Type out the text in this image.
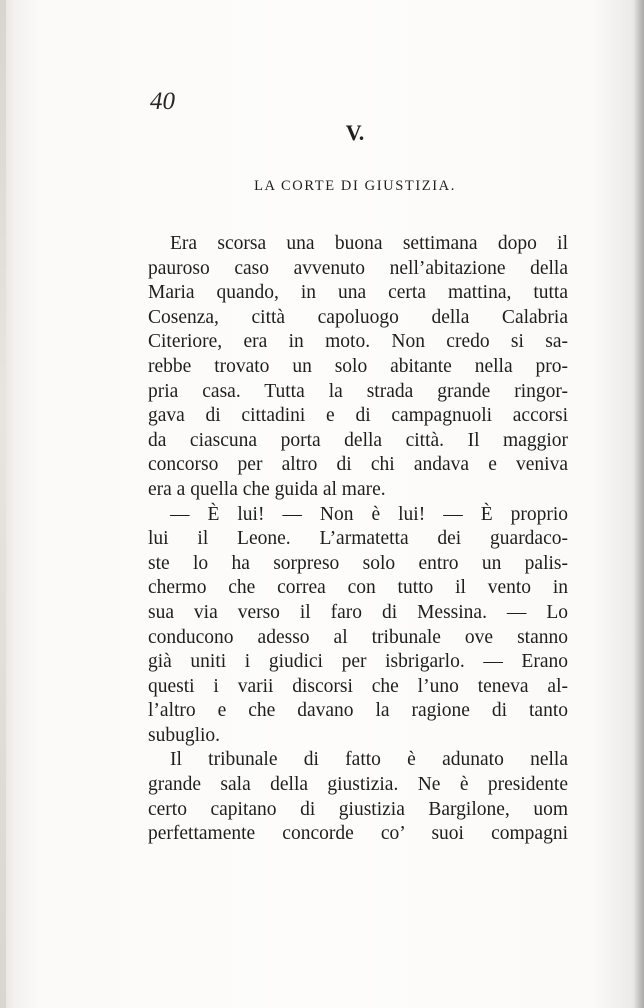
40
V.
LA CORTE DI GIUSTIZIA.
Era scorsa una buona settimana dopo il
pauroso caso avvenuto nell’abitazione della
Maria quando, in una certa mattina, tutta
Cosenza, città capoluogo della Calabria
Citeriore, era in moto. Non credo si sa-
rebbe trovato un solo abitante nella pro-
pria casa. Tutta la strada grande ringor-
gava di cittadini e di campagnuoli accorsi
da ciascuna porta della città. Il maggior
concorso per altro di chi andava e veniva
era a quella che guida al mare.
— È lui! — Non è lui! — È proprio
lui il Leone. L’armatetta dei guardaco-
ste lo ha sorpreso solo entro un palis-
chermo che correa con tutto il vento in
sua via verso il faro di Messina. — Lo
conducono adesso al tribunale ove stanno
già uniti i giudici per isbrigarlo. — Erano
questi i varii discorsi che l’uno teneva al-
l’altro e che davano la ragione di tanto
subuglio.
Il tribunale di fatto è adunato nella
grande sala della giustizia. Ne è presidente
certo capitano di giustizia Bargilone, uom
perfettamente concorde co’ suoi compagni
